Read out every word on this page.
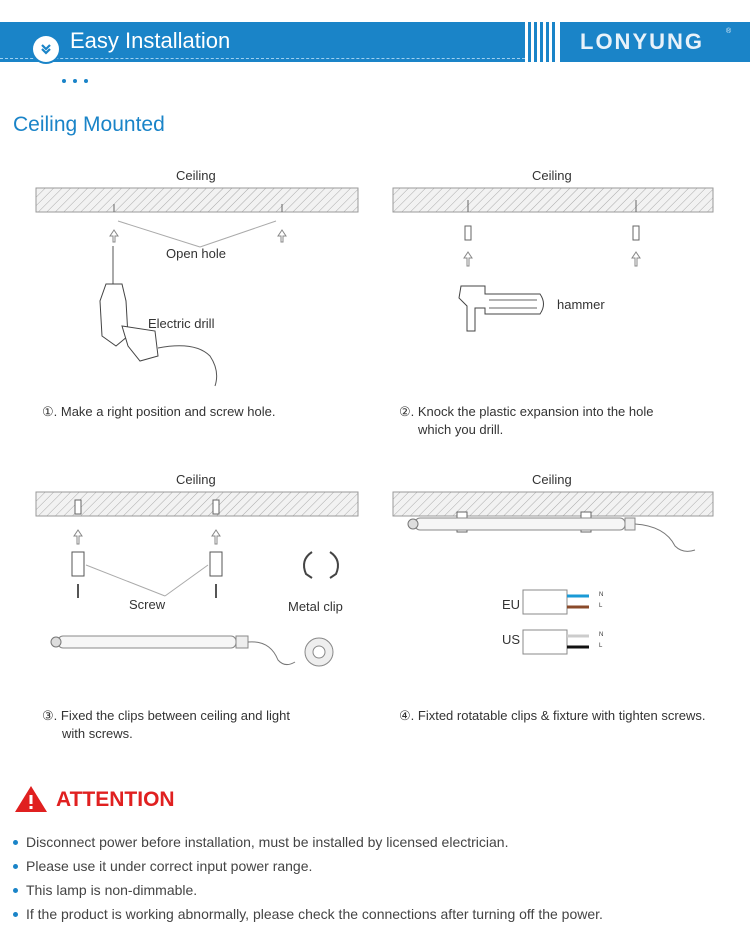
Easy Installation	LONYUNG	®
Ceiling Mounted
Ceiling
Open hole
Electric drill
①. Make a right position and screw hole.
Ceiling
hammer
②. Knock the plastic expansion into the hole
which you drill.
Ceiling
Screw	Metal clip
③. Fixed the clips between ceiling and light
with screws.
Ceiling
EU
US
N
L
N
L
④. Fixted rotatable clips & fixture with tighten screws.
ATTENTION
Disconnect power before installation, must be installed by licensed electrician.
Please use it under correct input power range.
This lamp is non-dimmable.
If the product is working abnormally, please check the connections after turning off the power.
